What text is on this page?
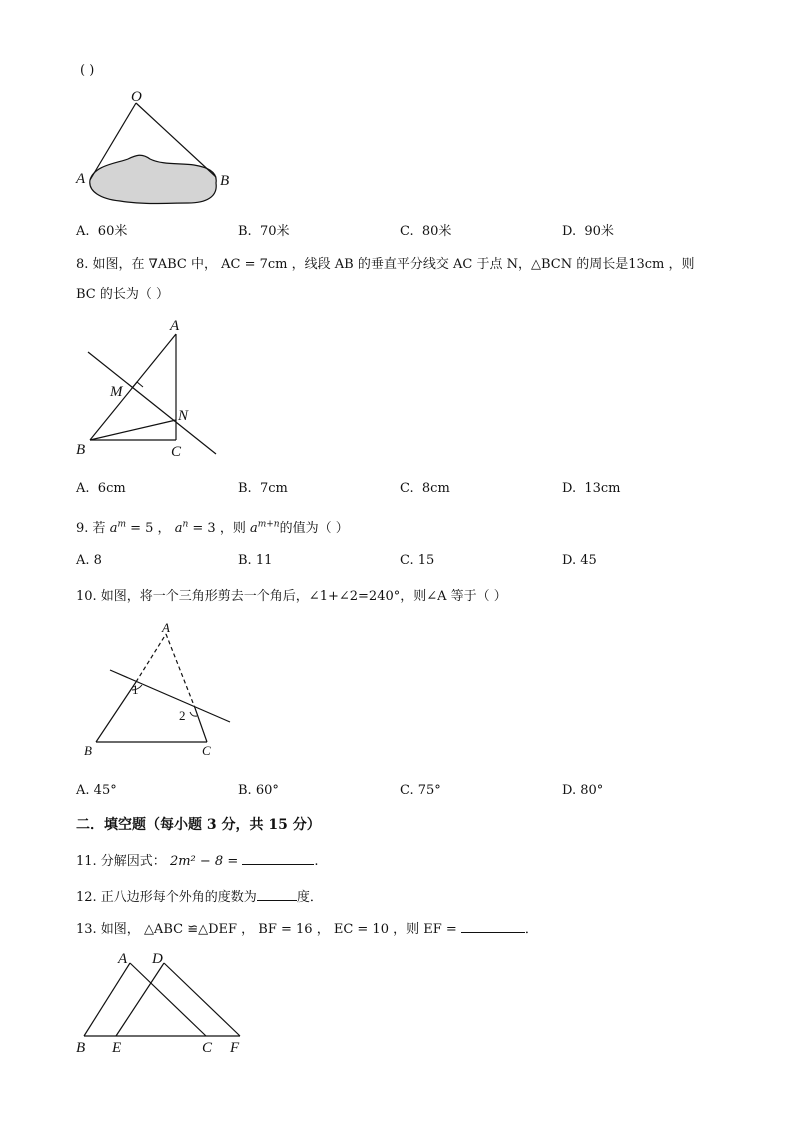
( )
O
A	B
A. 60米	B. 70米	C. 80米	D. 90米
8. 如图，在 ∇ABC 中， AC = 7cm ，线段 AB 的垂直平分线交 AC 于点 N，△BCN 的周长是13cm ，则
BC 的长为（ ）
A
M
N
B	C
A. 6cm	B. 7cm	C. 8cm	D. 13cm
9. 若 $a^m = 5$ ， $a^n = 3$ ，则 $a^{m+n}$的值为（ ）
A. 8	B. 11	C. 15	D. 45
10. 如图，将一个三角形剪去一个角后，∠1+∠2=240°，则∠A 等于（ ）
A
1
2
B	C
A. 45°	B. 60°	C. 75°	D. 80°
二．填空题（每小题 3 分，共 15 分）
11. 分解因式： 2m² − 8 =	.
12. 正八边形每个外角的度数为	度．
13. 如图， △ABC ≌△DEF ， BF = 16 ， EC = 10 ，则 EF =	．
A D
B E	C F
